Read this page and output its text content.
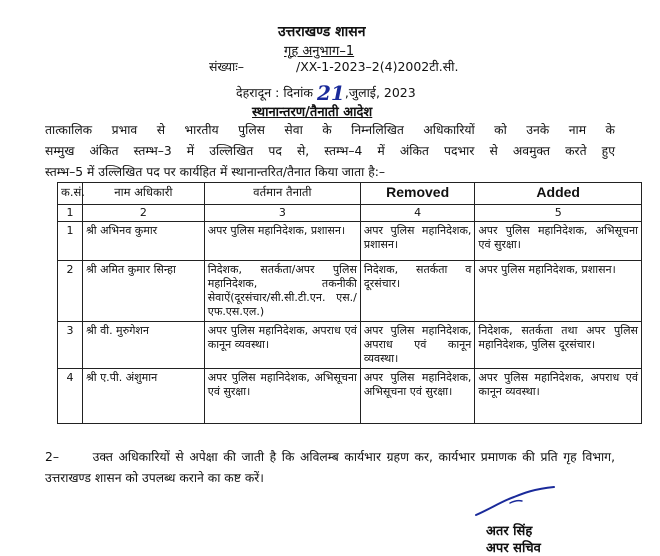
उत्तराखण्ड शासन
गृह अनुभाग–1
संख्याः–	/XX-1-2023–2(4)2002टी.सी.
देहरादून : दिनांक 21,जुलाई, 2023
स्थानान्तरण/तैनाती आदेश
तात्कालिक प्रभाव से भारतीय पुलिस सेवा के निम्नलिखित अधिकारियों को उनके नाम के
सम्मुख अंकित स्तम्भ–3 में उल्लिखित पद से, स्तम्भ–4 में अंकित पदभार से अवमुक्त करते हुए
स्तम्भ–5 में उल्लिखित पद पर कार्यहित में स्थानान्तरित/तैनात किया जाता है:–
क.सं.	नाम अधिकारी	वर्तमान तैनाती	Removed	Added
1	2	3	4	5
1	श्री अभिनव कुमार	अपर पुलिस महानिदेशक, प्रशासन।	अपर पुलिस महानिदेशक, प्रशासन।	अपर पुलिस महानिदेशक, अभिसूचना एवं सुरक्षा।
2	श्री अमित कुमार सिन्हा	निदेशक, सतर्कता/अपर पुलिस महानिदेशक, तकनीकी सेवाऐं(दूरसंचार/सी.सी.टी.एन. एस./एफ.एस.एल.)	निदेशक, सतर्कता व दूरसंचार।	अपर पुलिस महानिदेशक, प्रशासन।
3	श्री वी. मुरुगेशन	अपर पुलिस महानिदेशक, अपराध एवं कानून व्यवस्था।	अपर पुलिस महानिदेशक, अपराध एवं कानून व्यवस्था।	निदेशक, सतर्कता तथा अपर पुलिस महानिदेशक, पुलिस दूरसंचार।
4	श्री ए.पी. अंशुमान	अपर पुलिस महानिदेशक, अभिसूचना एवं सुरक्षा।	अपर पुलिस महानिदेशक, अभिसूचना एवं सुरक्षा।	अपर पुलिस महानिदेशक, अपराध एवं कानून व्यवस्था।
2–      उक्त अधिकारियों से अपेक्षा की जाती है कि अविलम्ब कार्यभार ग्रहण कर, कार्यभार प्रमाणक की प्रति गृह विभाग, उत्तराखण्ड शासन को उपलब्ध कराने का कष्ट करें।
अतर सिंह
अपर सचिव
